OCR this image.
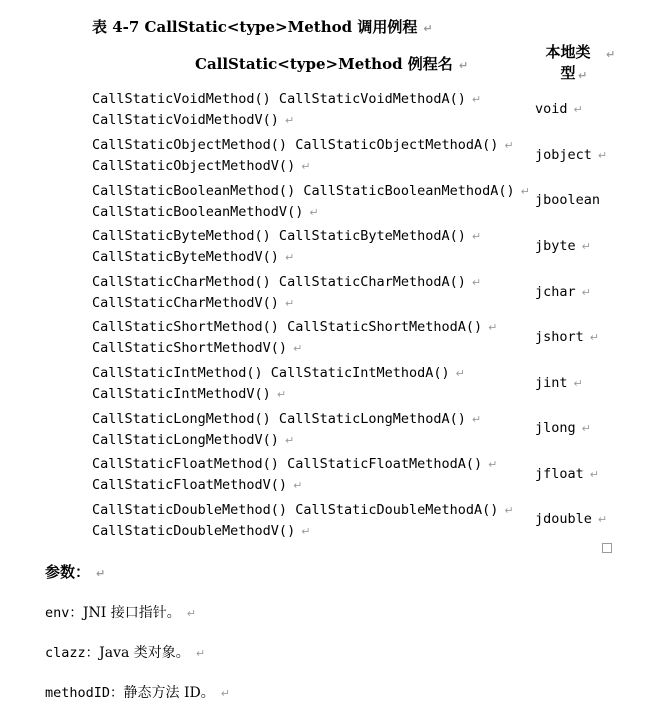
表 4-7 CallStatic<type>Method 调用例程 ↵
CallStatic<type>Method 例程名 ↵
本地类
型
↵
↵
CallStaticVoidMethod() CallStaticVoidMethodA() ↵
CallStaticVoidMethodV() ↵
void ↵
CallStaticObjectMethod() CallStaticObjectMethodA() ↵
CallStaticObjectMethodV() ↵
jobject ↵
CallStaticBooleanMethod() CallStaticBooleanMethodA() ↵
CallStaticBooleanMethodV() ↵
jboolean
CallStaticByteMethod() CallStaticByteMethodA() ↵
CallStaticByteMethodV() ↵
jbyte ↵
CallStaticCharMethod() CallStaticCharMethodA() ↵
CallStaticCharMethodV() ↵
jchar ↵
CallStaticShortMethod() CallStaticShortMethodA() ↵
CallStaticShortMethodV() ↵
jshort ↵
CallStaticIntMethod() CallStaticIntMethodA() ↵
CallStaticIntMethodV() ↵
jint ↵
CallStaticLongMethod() CallStaticLongMethodA() ↵
CallStaticLongMethodV() ↵
jlong ↵
CallStaticFloatMethod() CallStaticFloatMethodA() ↵
CallStaticFloatMethodV() ↵
jfloat ↵
CallStaticDoubleMethod() CallStaticDoubleMethodA() ↵
CallStaticDoubleMethodV() ↵
jdouble ↵
参数： ↵
env：JNI 接口指针。 ↵
clazz：Java 类对象。 ↵
methodID：静态方法 ID。 ↵
